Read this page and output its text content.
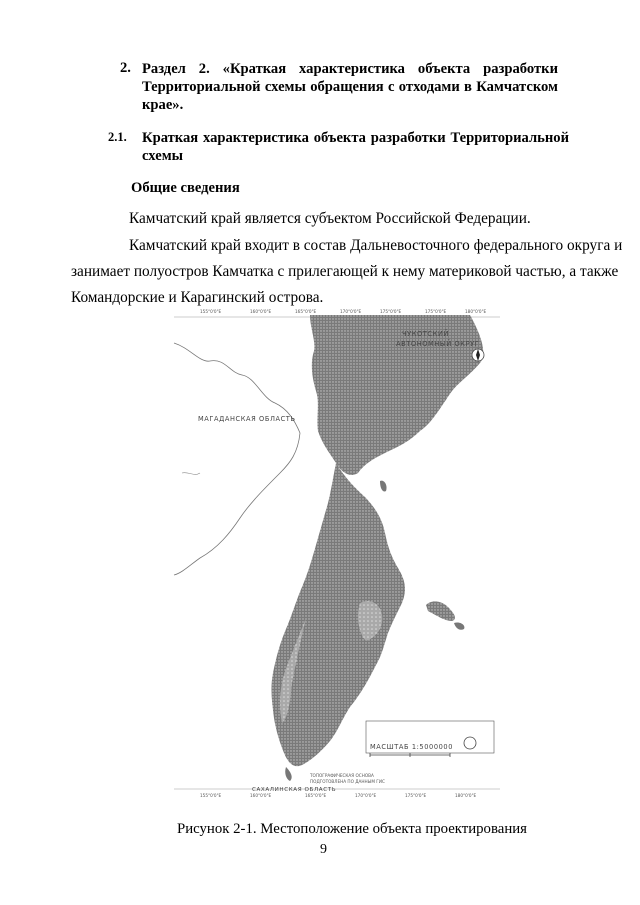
2. Раздел 2. «Краткая характеристика объекта разработки
Территориальной схемы обращения с отходами в Камчатском
крае».
2.1. Краткая характеристика объекта разработки Территориальной
схемы
Общие сведения
Камчатский край является субъектом Российской Федерации.
Камчатский край входит в состав Дальневосточного федерального округа и
занимает полуостров Камчатка с прилегающей к нему материковой частью, а также
Командорские и Карагинский острова.
155°0'0"E	160°0'0"E	165°0'0"E	170°0'0"E	175°0'0"E	175°0'0"E	180°0'0"E
155°0'0"E	160°0'0"E	165°0'0"E	170°0'0"E	175°0'0"E	180°0'0"E
ЧУКОТСКИЙ
АВТОНОМНЫЙ ОКРУГ
МАГАДАНСКАЯ ОБЛАСТЬ
САХАЛИНСКАЯ ОБЛАСТЬ
МАСШТАБ 1:5000000
ТОПОГРАФИЧЕСКАЯ ОСНОВА
ПОДГОТОВЛЕНА ПО ДАННЫМ ГИС
Рисунок 2-1. Местоположение объекта проектирования
9
